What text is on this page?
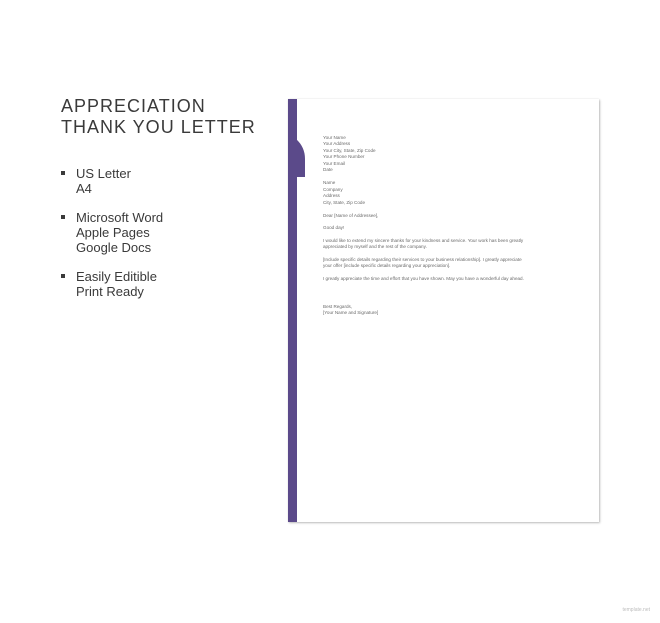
APPRECIATION
THANK YOU LETTER
US Letter
A4
Microsoft Word
Apple Pages
Google Docs
Easily Editible
Print Ready
Your Name
Your Address
Your City, State, Zip Code
Your Phone Number
Your Email
Date
Name
Company
Address
City, State, Zip Code
Dear [Name of Addressee],
Good day!
I would like to extend my sincere thanks for your kindness and service. Your work has been greatly
appreciated by myself and the rest of the company.
[Include specific details regarding their services to your business relationship]. I greatly appreciate
your offer [include specific details regarding your appreciation].
I greatly appreciate the time and effort that you have shown. May you have a wonderful day ahead.
Best Regards,
[Your Name and Signature]
template.net
